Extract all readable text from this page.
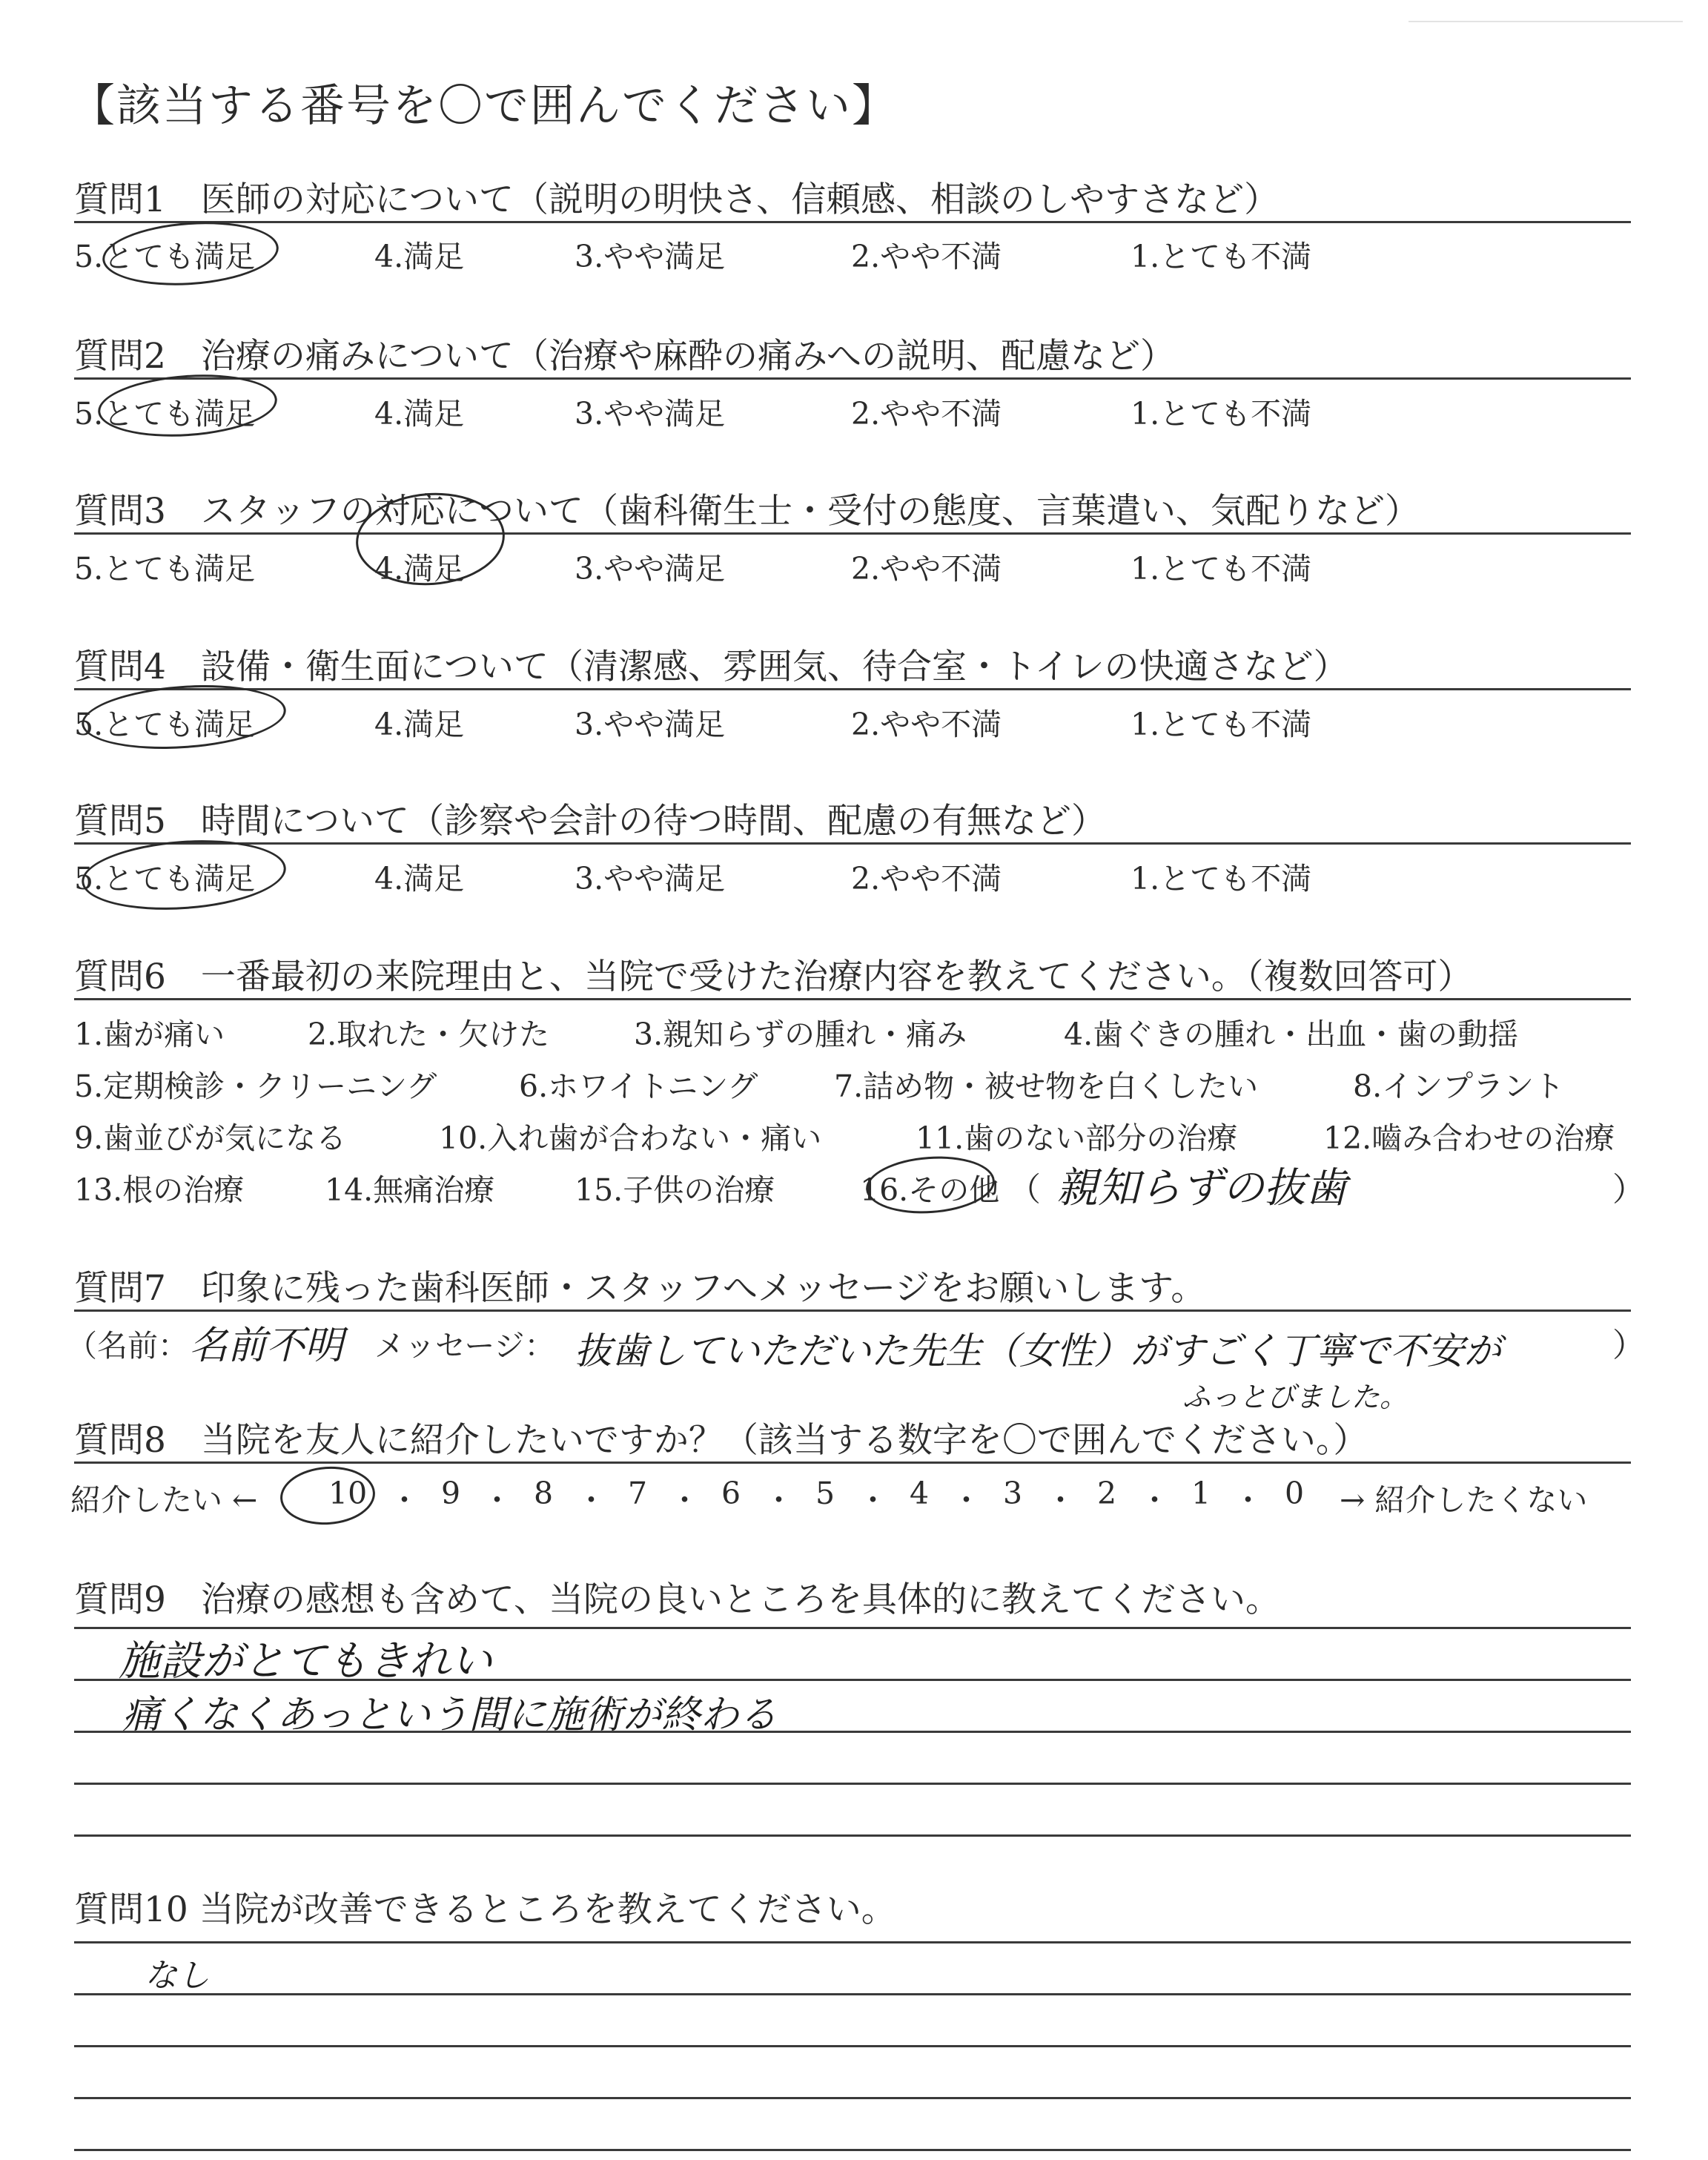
【該当する番号を〇で囲んでください】
質問1　医師の対応について（説明の明快さ、信頼感、相談のしやすさなど）
5.とても満足	4.満足	3.やや満足	2.やや不満	1.とても不満
質問2　治療の痛みについて（治療や麻酔の痛みへの説明、配慮など）
5.とても満足	4.満足	3.やや満足	2.やや不満	1.とても不満
質問3　スタッフの対応について（歯科衛生士・受付の態度、言葉遣い、気配りなど）
5.とても満足	4.満足	3.やや満足	2.やや不満	1.とても不満
質問4　設備・衛生面について（清潔感、雰囲気、待合室・トイレの快適さなど）
5.とても満足	4.満足	3.やや満足	2.やや不満	1.とても不満
質問5　時間について（診察や会計の待つ時間、配慮の有無など）
5.とても満足	4.満足	3.やや満足	2.やや不満	1.とても不満
質問6　一番最初の来院理由と、当院で受けた治療内容を教えてください。（複数回答可）
1.歯が痛い	2.取れた・欠けた	3.親知らずの腫れ・痛み	4.歯ぐきの腫れ・出血・歯の動揺
5.定期検診・クリーニング	6.ホワイトニング	7.詰め物・被せ物を白くしたい	8.インプラント
9.歯並びが気になる	10.入れ歯が合わない・痛い	11.歯のない部分の治療	12.嚙み合わせの治療
13.根の治療	14.無痛治療	15.子供の治療	16.その他 （ 親知らずの抜歯	）
質問7　印象に残った歯科医師・スタッフへメッセージをお願いします。
（名前： 名前不明 メッセージ： 抜歯していただいた先生（女性）がすごく丁寧で不安が
ふっとびました。
）
質問8　当院を友人に紹介したいですか？（該当する数字を〇で囲んでください。）
紹介したい ← 10 ・ 9 ・ 8 ・ 7 ・ 6 ・ 5 ・ 4 ・ 3 ・ 2 ・ 1 ・ 0 → 紹介したくない
質問9　治療の感想も含めて、当院の良いところを具体的に教えてください。
施設がとてもきれい
痛くなくあっという間に施術が終わる
質問10 当院が改善できるところを教えてください。
なし
